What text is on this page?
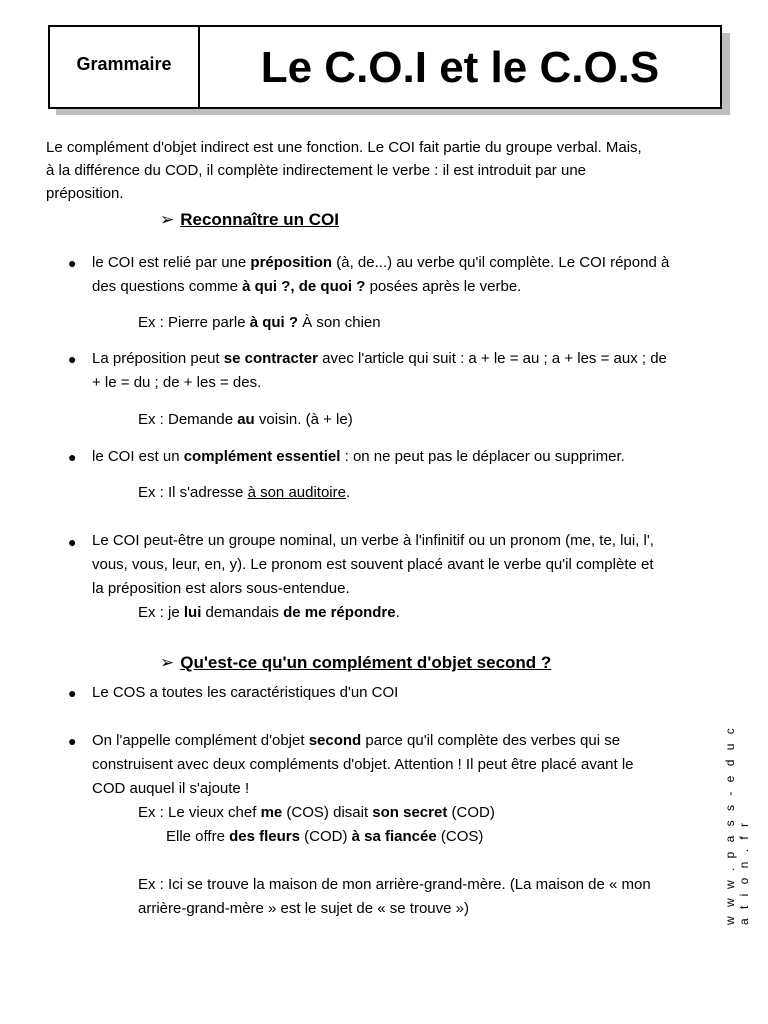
Grammaire	Le C.O.I et le C.O.S
Le complément d'objet indirect est une fonction. Le COI fait partie du groupe verbal. Mais,
à la différence du COD, il complète indirectement le verbe : il est introduit par une
préposition.
➢ Reconnaître un COI
● le COI est relié par une préposition (à, de...) au verbe qu'il complète. Le COI répond à
des questions comme à qui ?, de quoi ? posées après le verbe.
Ex : Pierre parle à qui ? À son chien
● La préposition peut se contracter avec l'article qui suit : a + le = au ; a + les = aux ; de
+ le = du ; de + les = des.
Ex : Demande au voisin. (à + le)
● le COI est un complément essentiel : on ne peut pas le déplacer ou supprimer.
Ex : Il s'adresse à son auditoire.
● Le COI peut-être un groupe nominal, un verbe à l'infinitif ou un pronom (me, te, lui, l',
vous, vous, leur, en, y). Le pronom est souvent placé avant le verbe qu'il complète et
la préposition est alors sous-entendue.
Ex : je lui demandais de me répondre.
➢ Qu'est-ce qu'un complément d'objet second ?
● Le COS a toutes les caractéristiques d'un COI
● On l'appelle complément d'objet second parce qu'il complète des verbes qui se
construisent avec deux compléments d'objet. Attention ! Il peut être placé avant le
COD auquel il s'ajoute !
Ex : Le vieux chef me (COS) disait son secret (COD)
Elle offre des fleurs (COD) à sa fiancée (COS)
Ex : Ici se trouve la maison de mon arrière-grand-mère. (La maison de « mon
arrière-grand-mère » est le sujet de « se trouve »)	w w w . p a s s - e d u c a t i o n . f r
